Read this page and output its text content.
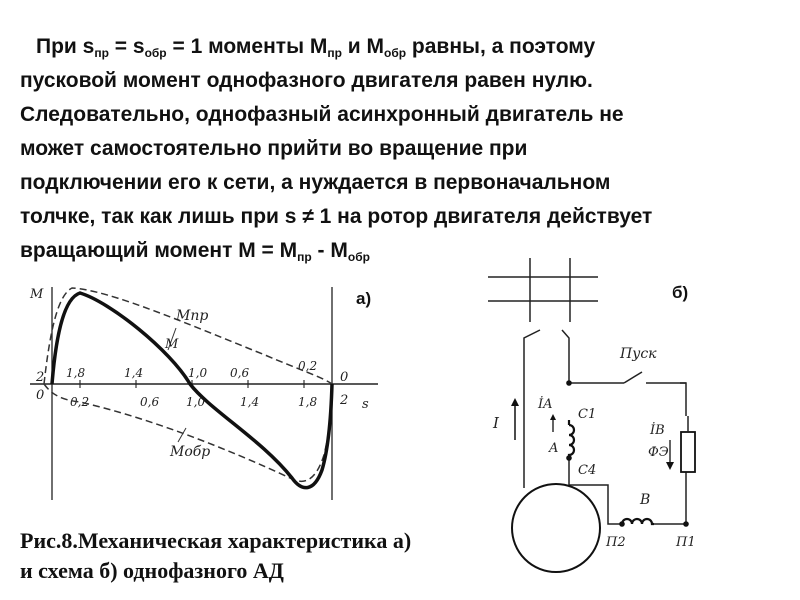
При $s_{пр} = s_{обр} = 1$ моменты $М_{пр}$ и $М_{обр}$ равны, а поэтому
пусковой момент однофазного двигателя равен нулю.
Следовательно, однофазный асинхронный двигатель не
может самостоятельно прийти во вращение при
подключении его к сети, а нуждается в первоначальном
толчке, так как лишь при s ≠ 1 на ротор двигателя действует
вращающий момент $М = М_{пр} - М_{обр}$
M
s
а)
2
0
0
2
1,8	1,4	1,0 0,6	0,2
0,2	0,6 1,0	1,4	1,8
Mпр
M
Mобр
б)
Пуск
I
İA
C1
A
C4
İB
ФЭ
B
П2	П1
Рис.8.Механическая характеристика а)
и схема б) однофазного АД
